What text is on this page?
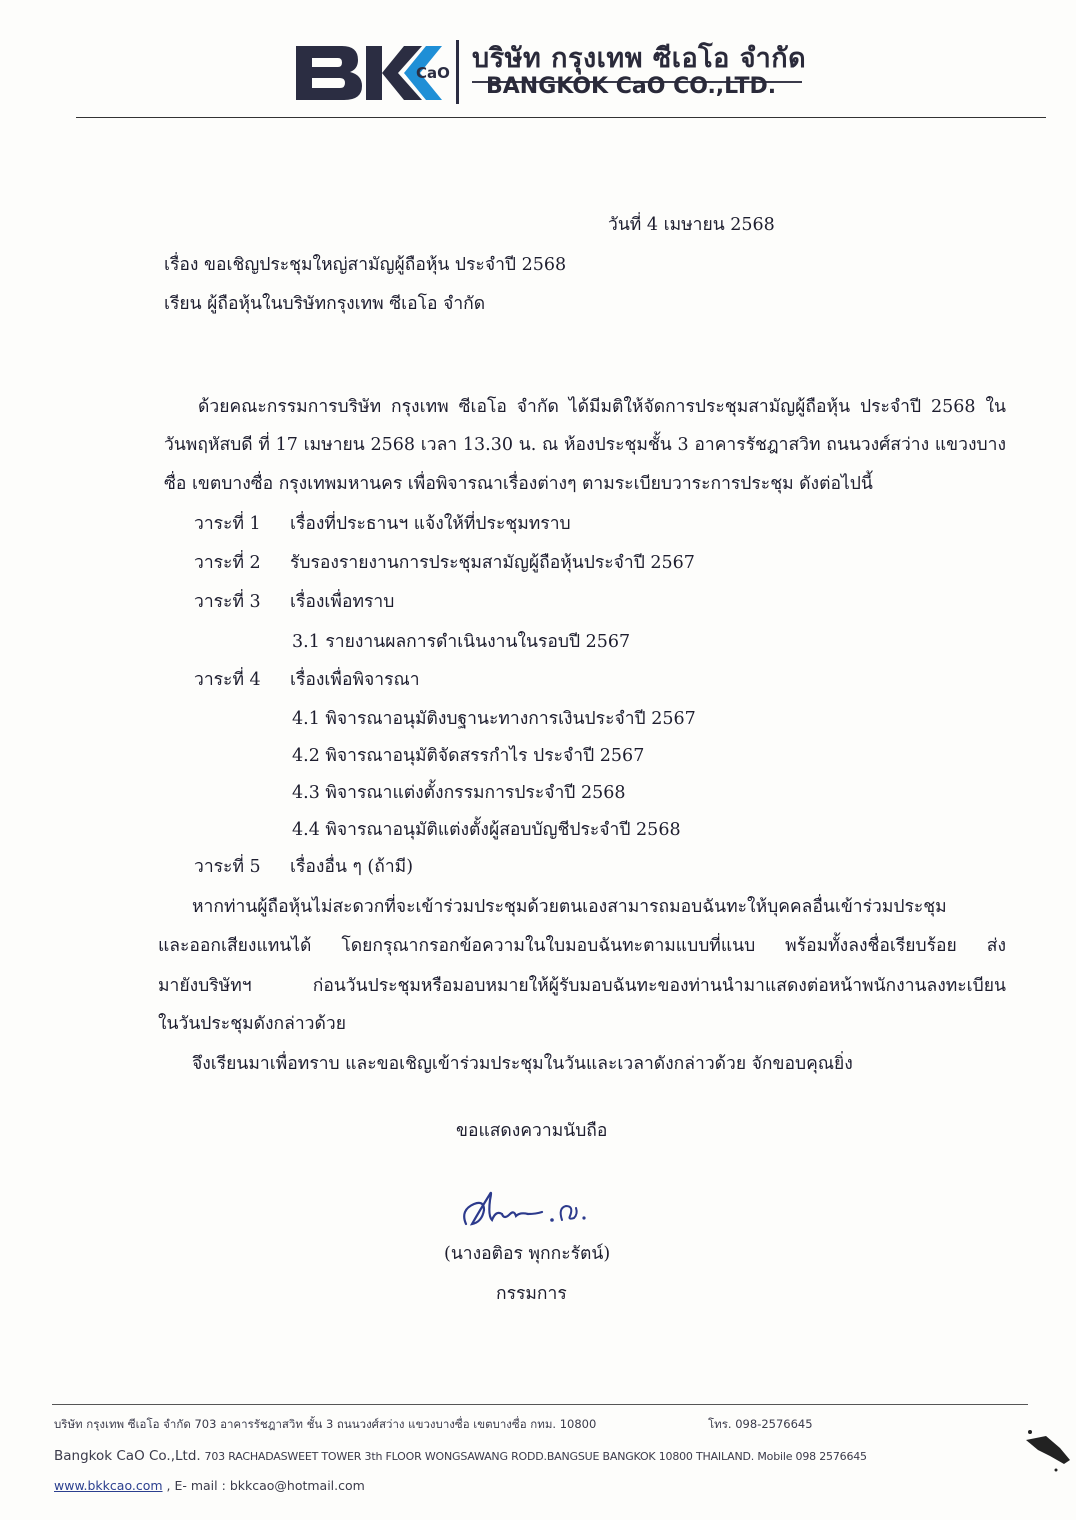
CaO บริษัท กรุงเทพ ซีเอโอ จำกัด
BANGKOK CaO CO.,LTD.
วันที่ 4 เมษายน 2568
เรื่อง ขอเชิญประชุมใหญ่สามัญผู้ถือหุ้น ประจำปี 2568
เรียน ผู้ถือหุ้นในบริษัทกรุงเทพ ซีเอโอ จำกัด
ด้วยคณะกรรมการบริษัท กรุงเทพ ซีเอโอ จำกัด ได้มีมติให้จัดการประชุมสามัญผู้ถือหุ้น ประจำปี 2568 ใน
วันพฤหัสบดี ที่ 17 เมษายน 2568 เวลา 13.30 น. ณ ห้องประชุมชั้น 3 อาคารรัชฎาสวิท ถนนวงศ์สว่าง แขวงบาง
ซื่อ เขตบางซื่อ กรุงเทพมหานคร เพื่อพิจารณาเรื่องต่างๆ ตามระเบียบวาระการประชุม ดังต่อไปนี้
วาระที่ 1 เรื่องที่ประธานฯ แจ้งให้ที่ประชุมทราบ
วาระที่ 2 รับรองรายงานการประชุมสามัญผู้ถือหุ้นประจำปี 2567
วาระที่ 3 เรื่องเพื่อทราบ
3.1 รายงานผลการดำเนินงานในรอบปี 2567
วาระที่ 4 เรื่องเพื่อพิจารณา
4.1 พิจารณาอนุมัติงบฐานะทางการเงินประจำปี 2567
4.2 พิจารณาอนุมัติจัดสรรกำไร ประจำปี 2567
4.3 พิจารณาแต่งตั้งกรรมการประจำปี 2568
4.4 พิจารณาอนุมัติแต่งตั้งผู้สอบบัญชีประจำปี 2568
วาระที่ 5 เรื่องอื่น ๆ (ถ้ามี)
หากท่านผู้ถือหุ้นไม่สะดวกที่จะเข้าร่วมประชุมด้วยตนเองสามารถมอบฉันทะให้บุคคลอื่นเข้าร่วมประชุม
และออกเสียงแทนได้ โดยกรุณากรอกข้อความในใบมอบฉันทะตามแบบที่แนบ พร้อมทั้งลงชื่อเรียบร้อย ส่ง
มายังบริษัทฯ ก่อนวันประชุมหรือมอบหมายให้ผู้รับมอบฉันทะของท่านนำมาแสดงต่อหน้าพนักงานลงทะเบียน
ในวันประชุมดังกล่าวด้วย
จึงเรียนมาเพื่อทราบ และขอเชิญเข้าร่วมประชุมในวันและเวลาดังกล่าวด้วย จักขอบคุณยิ่ง
ขอแสดงความนับถือ
(นางอติอร พุกกะรัตน์)
กรรมการ
บริษัท กรุงเทพ ซีเอโอ จำกัด 703 อาคารรัชฎาสวิท ชั้น 3 ถนนวงศ์สว่าง แขวงบางซื่อ เขตบางซื่อ กทม. 10800	โทร. 098-2576645
Bangkok CaO Co.,Ltd. 703 RACHADASWEET TOWER 3th FLOOR WONGSAWANG RODD.BANGSUE BANGKOK 10800 THAILAND. Mobile 098 2576645
www.bkkcao.com , E- mail : bkkcao@hotmail.com
